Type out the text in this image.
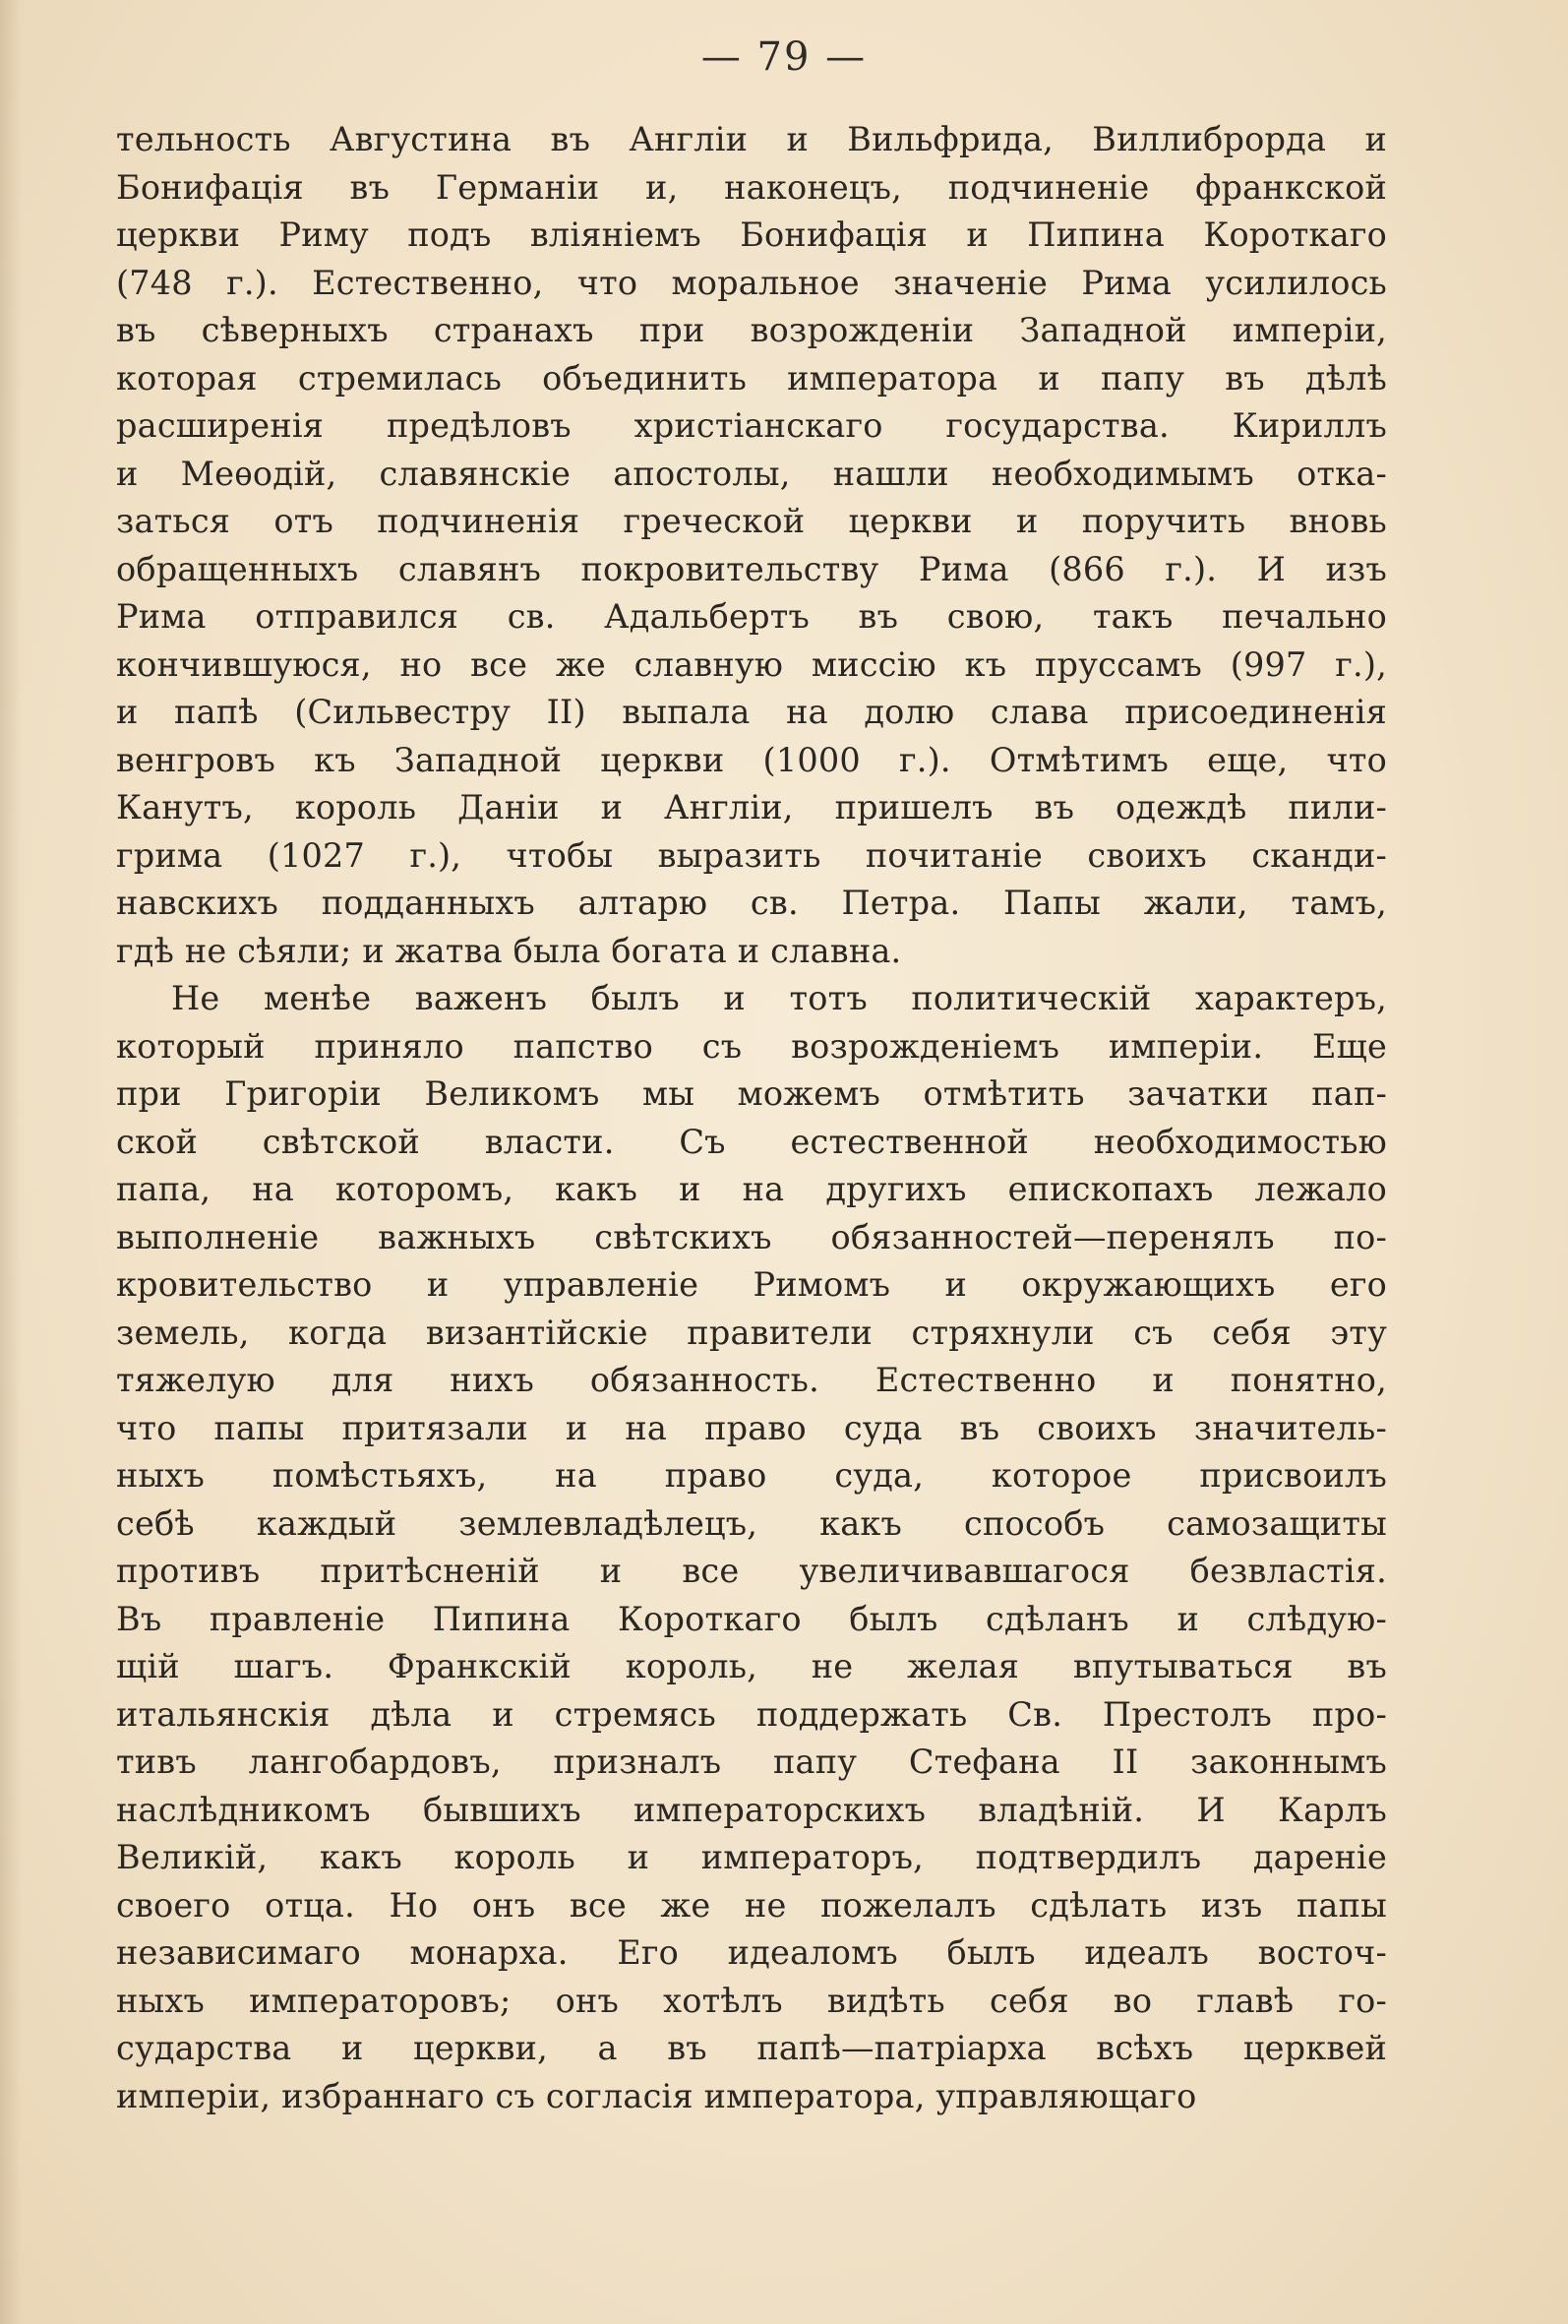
— 79 —
тельность Августина въ Англіи и Вильфрида, Виллиброрда и
Бонифація въ Германіи и, наконецъ, подчиненіе франкской
церкви Риму подъ вліяніемъ Бонифація и Пипина Короткаго
(748 г.). Естественно, что моральное значеніе Рима усилилось
въ сѣверныхъ странахъ при возрожденіи Западной имперіи,
которая стремилась объединить императора и папу въ дѣлѣ
расширенія предѣловъ христіанскаго государства. Кириллъ
и Меѳодій, славянскіе апостолы, нашли необходимымъ отка-
заться отъ подчиненія греческой церкви и поручить вновь
обращенныхъ славянъ покровительству Рима (866 г.). И изъ
Рима отправился св. Адальбертъ въ свою, такъ печально
кончившуюся, но все же славную миссію къ пруссамъ (997 г.),
и папѣ (Сильвестру II) выпала на долю слава присоединенія
венгровъ къ Западной церкви (1000 г.). Отмѣтимъ еще, что
Канутъ, король Даніи и Англіи, пришелъ въ одеждѣ пили-
грима (1027 г.), чтобы выразить почитаніе своихъ сканди-
навскихъ подданныхъ алтарю св. Петра. Папы жали, тамъ,
гдѣ не сѣяли; и жатва была богата и славна.
Не менѣе важенъ былъ и тотъ политическій характеръ,
который приняло папство съ возрожденіемъ имперіи. Еще
при Григоріи Великомъ мы можемъ отмѣтить зачатки пап-
ской свѣтской власти. Съ естественной необходимостью
папа, на которомъ, какъ и на другихъ епископахъ лежало
выполненіе важныхъ свѣтскихъ обязанностей—перенялъ по-
кровительство и управленіе Римомъ и окружающихъ его
земель, когда византійскіе правители стряхнули съ себя эту
тяжелую для нихъ обязанность. Естественно и понятно,
что папы притязали и на право суда въ своихъ значитель-
ныхъ помѣстьяхъ, на право суда, которое присвоилъ
себѣ каждый землевладѣлецъ, какъ способъ самозащиты
противъ притѣсненій и все увеличивавшагося безвластія.
Въ правленіе Пипина Короткаго былъ сдѣланъ и слѣдую-
щій шагъ. Франкскій король, не желая впутываться въ
итальянскія дѣла и стремясь поддержать Св. Престолъ про-
тивъ лангобардовъ, призналъ папу Стефана II законнымъ
наслѣдникомъ бывшихъ императорскихъ владѣній. И Карлъ
Великій, какъ король и императоръ, подтвердилъ дареніе
своего отца. Но онъ все же не пожелалъ сдѣлать изъ папы
независимаго монарха. Его идеаломъ былъ идеалъ восточ-
ныхъ императоровъ; онъ хотѣлъ видѣть себя во главѣ го-
сударства и церкви, а въ папѣ—патріарха всѣхъ церквей
имперіи, избраннаго съ согласія императора, управляющаго
